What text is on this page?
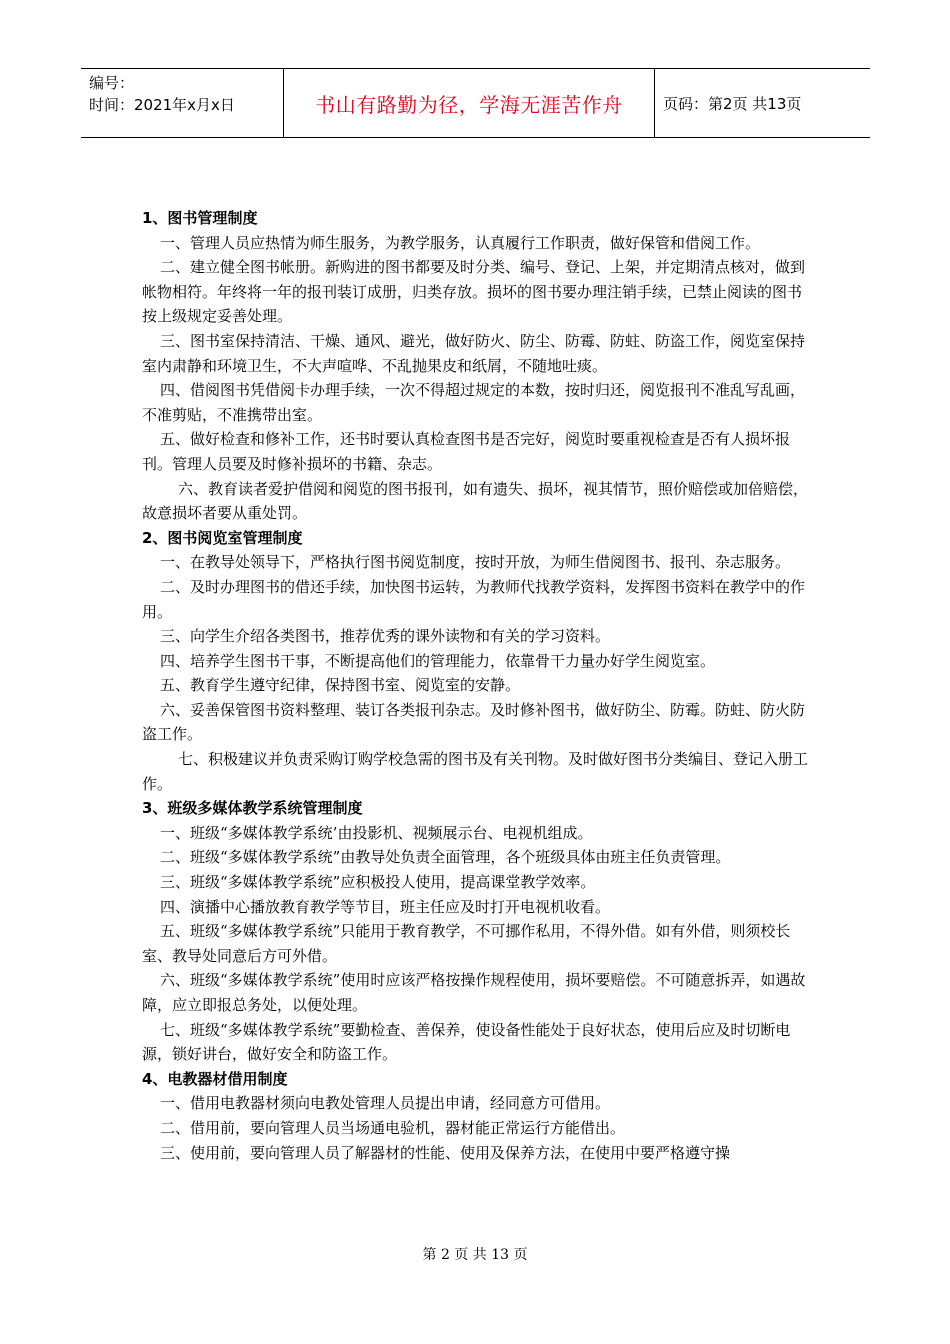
编号：
时间：2021年x月x日	书山有路勤为径，学海无涯苦作舟	页码：第2页 共13页

1、图书管理制度

一、管理人员应热情为师生服务，为教学服务，认真履行工作职责，做好保管和借阅工作。

二、建立健全图书帐册。新购进的图书都要及时分类、编号、登记、上架，并定期清点核对，做到帐物相符。年终将一年的报刊装订成册，归类存放。损坏的图书要办理注销手续，已禁止阅读的图书按上级规定妥善处理。

三、图书室保持清洁、干燥、通风、避光，做好防火、防尘、防霉、防蛀、防盗工作，阅览室保持室内肃静和环境卫生，不大声喧哗、不乱抛果皮和纸屑，不随地吐痰。

四、借阅图书凭借阅卡办理手续，一次不得超过规定的本数，按时归还，阅览报刊不准乱写乱画，不准剪贴，不准携带出室。

五、做好检查和修补工作，还书时要认真检查图书是否完好，阅览时要重视检查是否有人损坏报刊。管理人员要及时修补损坏的书籍、杂志。

六、教育读者爱护借阅和阅览的图书报刊，如有遗失、损坏，视其情节，照价赔偿或加倍赔偿，故意损坏者要从重处罚。

2、图书阅览室管理制度

一、在教导处领导下，严格执行图书阅览制度，按时开放，为师生借阅图书、报刊、杂志服务。

二、及时办理图书的借还手续，加快图书运转，为教师代找教学资料，发挥图书资料在教学中的作用。

三、向学生介绍各类图书，推荐优秀的课外读物和有关的学习资料。

四、培养学生图书干事，不断提高他们的管理能力，依靠骨干力量办好学生阅览室。

五、教育学生遵守纪律，保持图书室、阅览室的安静。

六、妥善保管图书资料整理、装订各类报刊杂志。及时修补图书，做好防尘、防霉。防蛀、防火防盗工作。

七、积极建议并负责采购订购学校急需的图书及有关刊物。及时做好图书分类编目、登记入册工作。

3、班级多媒体教学系统管理制度

一、班级“多媒体教学系统’由投影机、视频展示台、电视机组成。

二、班级“多媒体教学系统”由教导处负责全面管理，各个班级具体由班主任负责管理。

三、班级“多媒体教学系统”应积极投人使用，提高课堂教学效率。

四、演播中心播放教育教学等节目，班主任应及时打开电视机收看。

五、班级“多媒体教学系统”只能用于教育教学，不可挪作私用，不得外借。如有外借，则须校长室、教导处同意后方可外借。

六、班级“多媒体教学系统”使用时应该严格按操作规程使用，损坏要赔偿。不可随意拆弄，如遇故障，应立即报总务处，以便处理。

七、班级“多媒体教学系统”要勤检查、善保养，使设备性能处于良好状态，使用后应及时切断电源，锁好讲台，做好安全和防盗工作。

4、电教器材借用制度

一、借用电教器材须向电教处管理人员提出申请，经同意方可借用。

二、借用前，要向管理人员当场通电验机，器材能正常运行方能借出。

三、使用前，要向管理人员了解器材的性能、使用及保养方法，在使用中要严格遵守操

第 2 页 共 13 页
